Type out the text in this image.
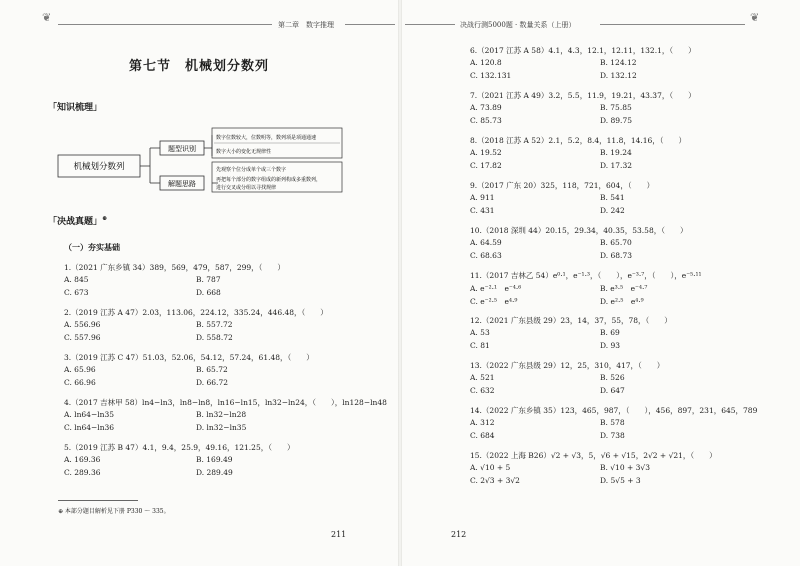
❦	❦
第二章　数字推理	决战行测5000题 · 数量关系（上册）
第七节　机械划分数列
「知识梳理」
机械划分数列
题型识别
解题思路
数字位数较大，位数明等，数列项是项通通速
数字大小的变化无规律性
先观察个位分成单个或三个数字
再把每个部分的数字组成的新列构成多重数列，
进行交叉或分组以寻找规律
「决战真题」⊕
（一）夯实基础
1.（2021 广东乡镇 34）389，569，479，587，299，（　　）
A. 845	B. 787
C. 673	D. 668
2.（2019 江苏 A 47）2.03，113.06，224.12，335.24，446.48，（　　）
A. 556.96	B. 557.72
C. 557.96	D. 558.72
3.（2019 江苏 C 47）51.03，52.06，54.12，57.24，61.48，（　　）
A. 65.96	B. 65.72
C. 66.96	D. 66.72
4.（2017 吉林甲 58）ln4−ln3，ln8−ln8，ln16−ln15，ln32−ln24，（　　），ln128−ln48
A. ln64−ln35	B. ln32−ln28
C. ln64−ln36	D. ln32−ln35
5.（2019 江苏 B 47）4.1，9.4，25.9，49.16，121.25，（　　）
A. 169.36	B. 169.49
C. 289.36	D. 289.49
⊕ 本部分题目解析见下册 P330 ～ 335。
211
6.（2017 江苏 A 58）4.1，4.3，12.1，12.11，132.1，（　　）
A. 120.8	B. 124.12
C. 132.131	D. 132.12
7.（2021 江苏 A 49）3.2，5.5，11.9，19.21，43.37，（　　）
A. 73.89	B. 75.85
C. 85.73	D. 89.75
8.（2018 江苏 A 52）2.1，5.2，8.4，11.8，14.16，（　　）
A. 19.52	B. 19.24
C. 17.82	D. 17.32
9.（2017 广东 20）325，118，721，604，（　　）
A. 911	B. 541
C. 431	D. 242
10.（2018 深圳 44）20.15，29.34，40.35，53.58，（　　）
A. 64.59	B. 65.70
C. 68.63	D. 68.73
11.（2017 吉林乙 54）e⁰·¹，e⁻¹·³，（　　），e⁻³·⁷，（　　），e⁻⁵·¹¹
A. e⁻²·¹　e⁻⁴·⁶	B. e³·⁵　e⁻⁴·⁷
C. e⁻²·⁵　e⁴·⁹	D. e²·⁵　e⁴·⁹
12.（2021 广东县级 29）23，14，37，55，78，（　　）
A. 53	B. 69
C. 81	D. 93
13.（2022 广东县级 29）12，25，310，417，（　　）
A. 521	B. 526
C. 632	D. 647
14.（2022 广东乡镇 35）123，465，987，（　　），456，897，231，645，789
A. 312	B. 578
C. 684	D. 738
15.（2022 上海 B26）√2 + √3，5，√6 + √15，2√2 + √21，（　　）
A. √10 + 5	B. √10 + 3√3
C. 2√3 + 3√2	D. 5√5 + 3
212
